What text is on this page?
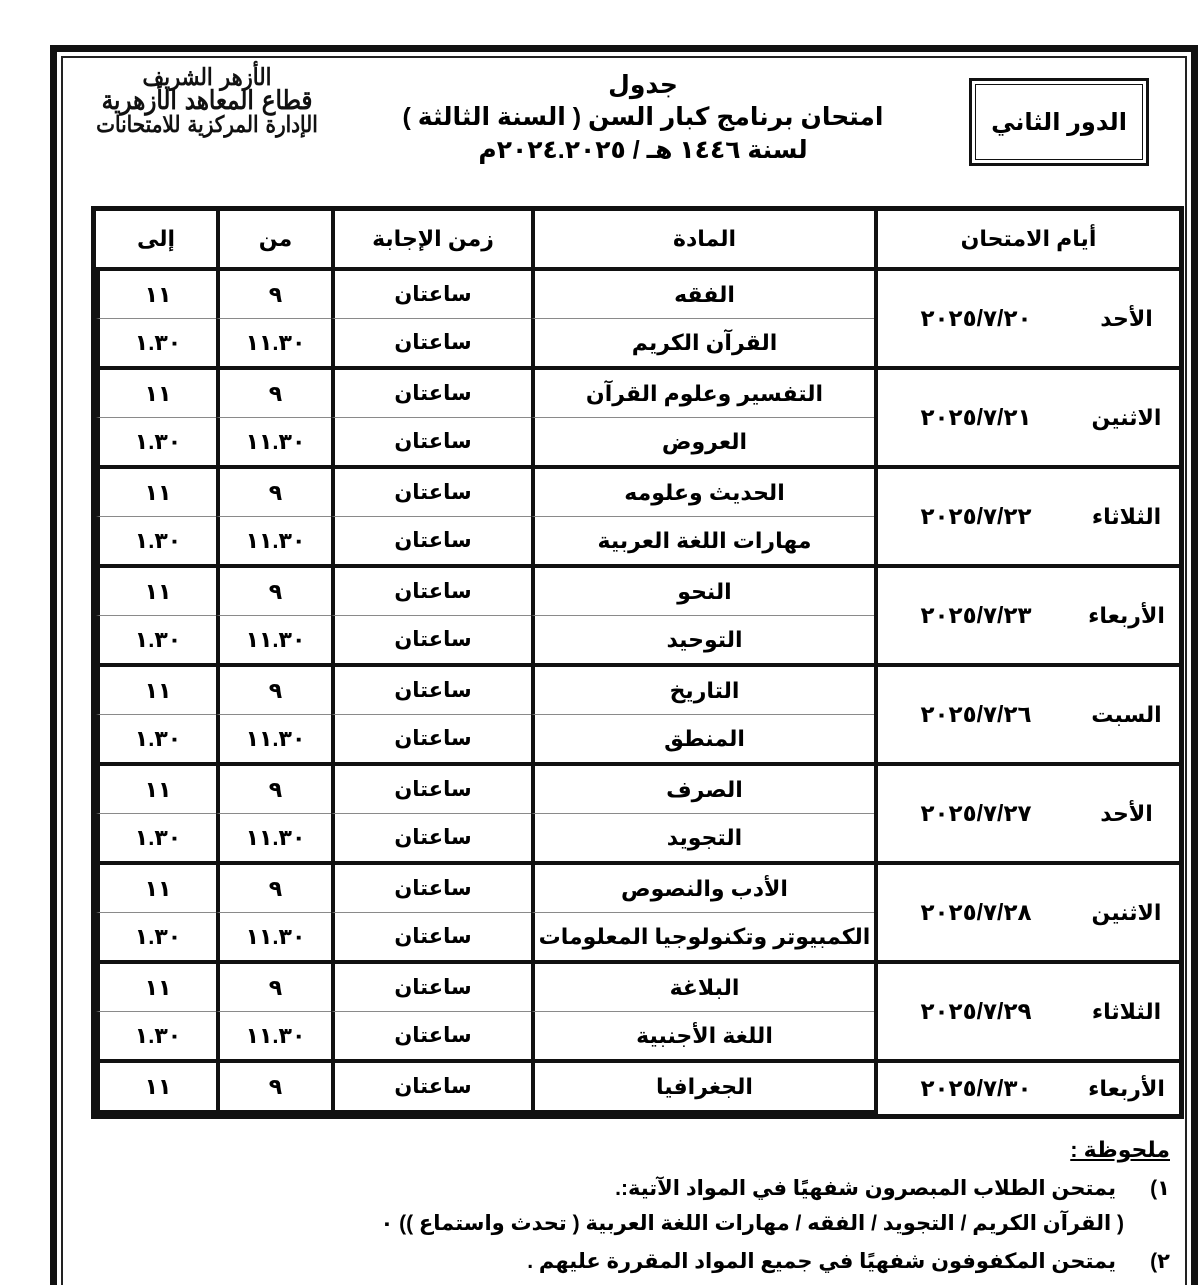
الدور الثاني
جدول
امتحان برنامج كبار السن ( السنة الثالثة )
لسنة ١٤٤٦ هـ / ٢٠٢٤.٢٠٢٥م
الأزهر الشريف
قطاع المعاهد الأزهرية
الإدارة المركزية للامتحانات
أيام الامتحان		المادة	زمن الإجابة	من	إلى
الأحد	٢٠٢٥/٧/٢٠	الفقه	ساعتان	٩	١١
		القرآن الكريم	ساعتان	١١.٣٠	١.٣٠
الاثنين	٢٠٢٥/٧/٢١	التفسير وعلوم القرآن	ساعتان	٩	١١
		العروض	ساعتان	١١.٣٠	١.٣٠
الثلاثاء	٢٠٢٥/٧/٢٢	الحديث وعلومه	ساعتان	٩	١١
		مهارات اللغة العربية	ساعتان	١١.٣٠	١.٣٠
الأربعاء	٢٠٢٥/٧/٢٣	النحو	ساعتان	٩	١١
		التوحيد	ساعتان	١١.٣٠	١.٣٠
السبت	٢٠٢٥/٧/٢٦	التاريخ	ساعتان	٩	١١
		المنطق	ساعتان	١١.٣٠	١.٣٠
الأحد	٢٠٢٥/٧/٢٧	الصرف	ساعتان	٩	١١
		التجويد	ساعتان	١١.٣٠	١.٣٠
الاثنين	٢٠٢٥/٧/٢٨	الأدب والنصوص	ساعتان	٩	١١
		الكمبيوتر وتكنولوجيا المعلومات	ساعتان	١١.٣٠	١.٣٠
الثلاثاء	٢٠٢٥/٧/٢٩	البلاغة	ساعتان	٩	١١
		اللغة الأجنبية	ساعتان	١١.٣٠	١.٣٠
الأربعاء	٢٠٢٥/٧/٣٠	الجغرافيا	ساعتان	٩	١١
ملحوظة :
١)
يمتحن الطلاب المبصرون شفهيًا في المواد الآتية:.
( القرآن الكريم / التجويد / الفقه / مهارات اللغة العربية ( تحدث واستماع )) ٠
٢)
يمتحن المكفوفون شفهيًا في جميع المواد المقررة عليهم .
